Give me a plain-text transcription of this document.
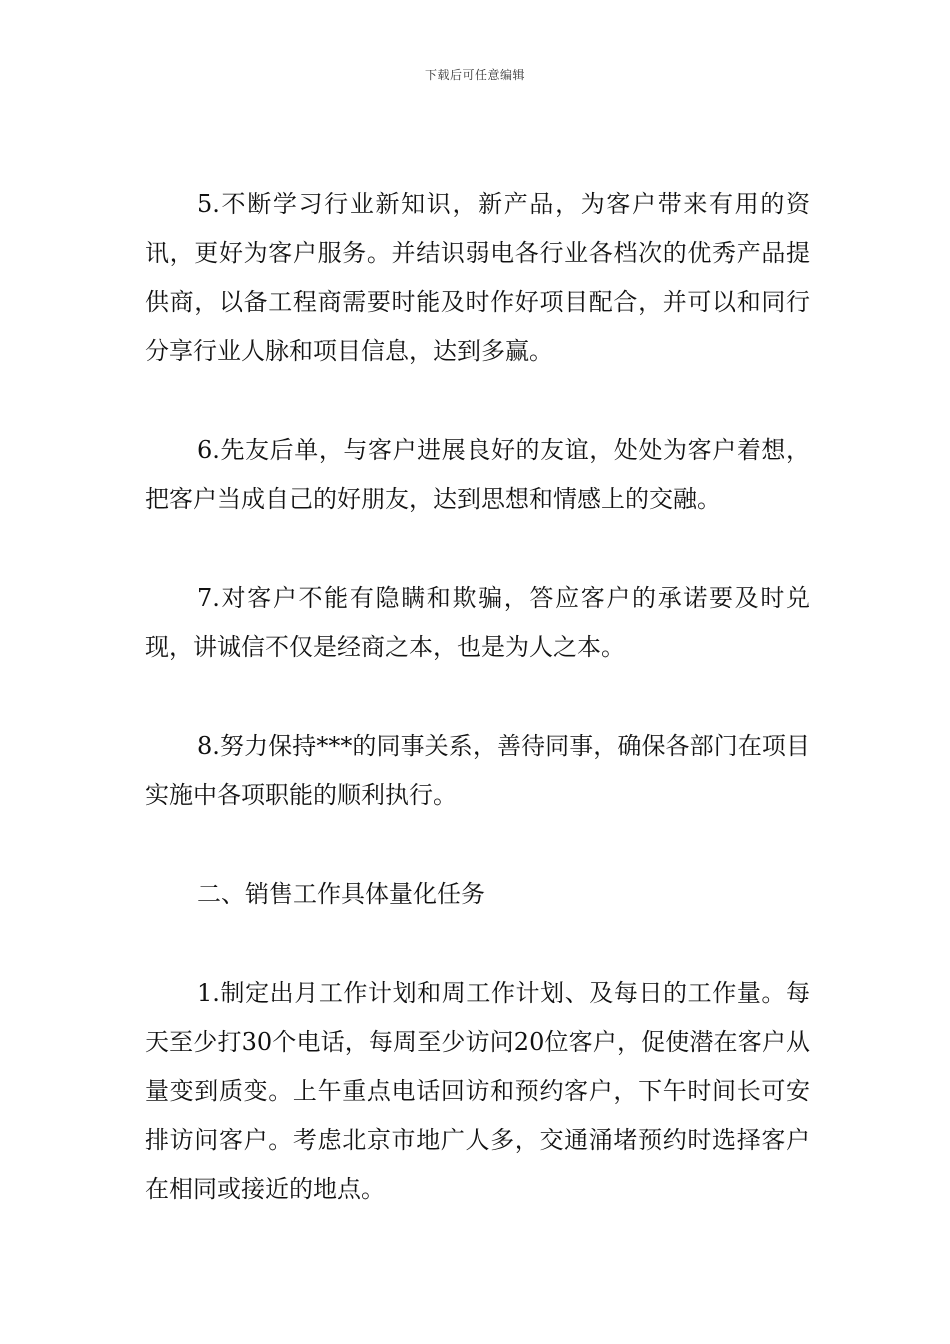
下载后可任意编辑

5.不断学习行业新知识，新产品，为客户带来有用的资讯，更好为客户服务。并结识弱电各行业各档次的优秀产品提供商，以备工程商需要时能及时作好项目配合，并可以和同行分享行业人脉和项目信息，达到多赢。

6.先友后单，与客户进展良好的友谊，处处为客户着想，把客户当成自己的好朋友，达到思想和情感上的交融。

7.对客户不能有隐瞒和欺骗，答应客户的承诺要及时兑现，讲诚信不仅是经商之本，也是为人之本。

8.努力保持***的同事关系，善待同事，确保各部门在项目实施中各项职能的顺利执行。

二、销售工作具体量化任务

1.制定出月工作计划和周工作计划、及每日的工作量。每天至少打30个电话，每周至少访问20位客户，促使潜在客户从量变到质变。上午重点电话回访和预约客户，下午时间长可安排访问客户。考虑北京市地广人多，交通涌堵预约时选择客户在相同或接近的地点。
